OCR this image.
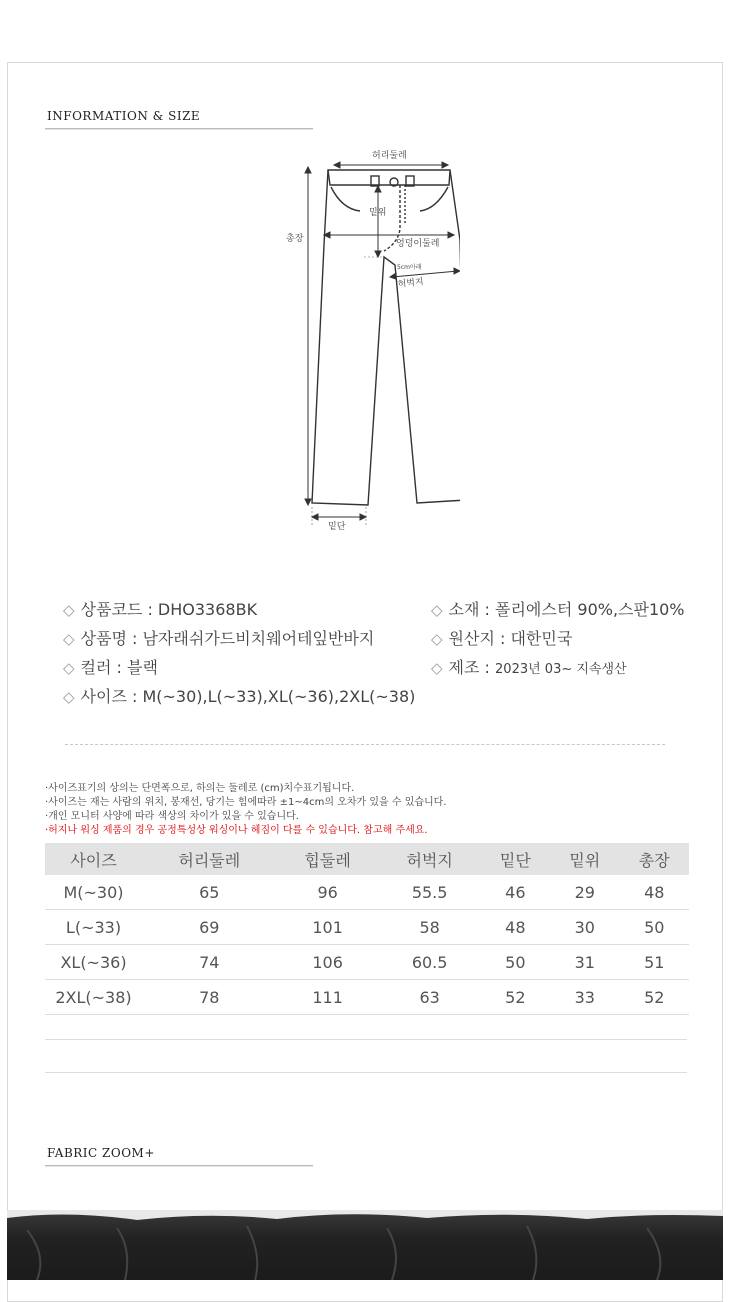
INFORMATION & SIZE
허리둘레
밑위
엉덩이둘레
5cm아래
허벅지
총장
밑단
◇ 상품코드 : DHO3368BK
◇ 상품명 : 남자래쉬가드비치웨어테잎반바지
◇ 컬러 : 블랙
◇ 사이즈 : M(~30),L(~33),XL(~36),2XL(~38)
◇ 소재 : 폴리에스터 90%,스판10%
◇ 원산지 : 대한민국
◇ 제조 : 2023년 03~ 지속생산
·사이즈표기의 상의는 단면폭으로, 하의는 둘레로 (cm)치수표기됩니다.
·사이즈는 재는 사람의 위치, 봉재선, 당기는 힘에따라 ±1~4cm의 오차가 있을 수 있습니다.
·개인 모니터 사양에 따라 색상의 차이가 있을 수 있습니다.
·허지나 워싱 제품의 경우 공정특성상 워싱이나 헤짐이 다를 수 있습니다. 참고해 주세요.
사이즈	허리둘레	힙둘레	허벅지	밑단	밑위	총장
M(~30)	65	96	55.5	46	29	48
L(~33)	69	101	58	48	30	50
XL(~36)	74	106	60.5	50	31	51
2XL(~38)	78	111	63	52	33	52
FABRIC ZOOM+
